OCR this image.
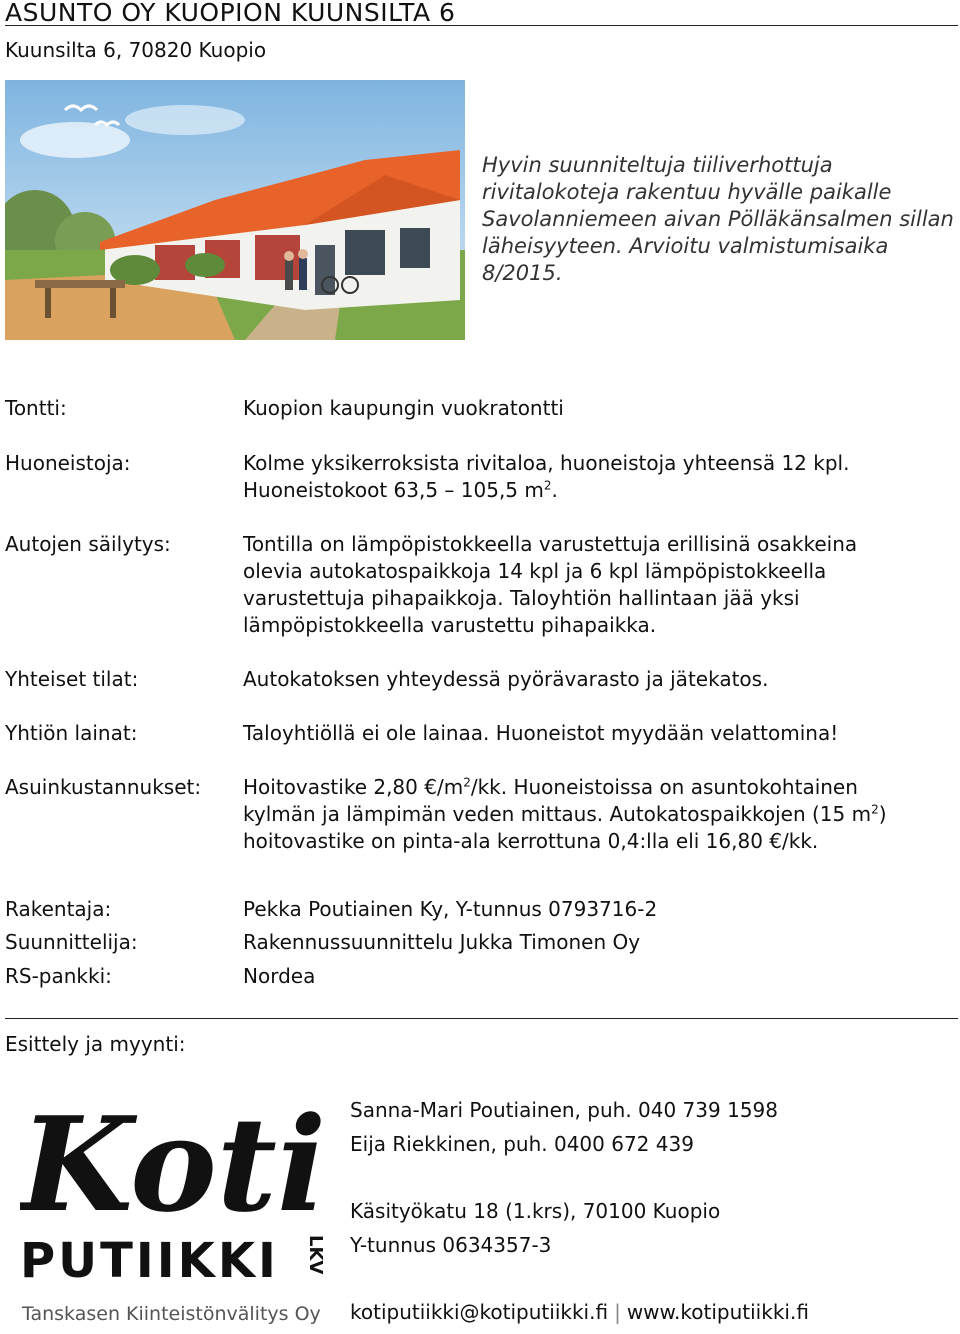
ASUNTO OY KUOPION KUUNSILTA 6
Kuunsilta 6, 70820 Kuopio
Hyvin suunniteltuja tiiliverhottuja
rivitalokoteja rakentuu hyvälle paikalle
Savolanniemeen aivan Pölläkänsalmen sillan
läheisyyteen. Arvioitu valmistumisaika
8/2015.
Tontti:	Kuopion kaupungin vuokratontti
Huoneistoja:	Kolme yksikerroksista rivitaloa, huoneistoja yhteensä 12 kpl.
Huoneistokoot 63,5 – 105,5 $m^2$.
Autojen säilytys:	Tontilla on lämpöpistokkeella varustettuja erillisinä osakkeina
olevia autokatospaikkoja 14 kpl ja 6 kpl lämpöpistokkeella
varustettuja pihapaikkoja. Taloyhtiön hallintaan jää yksi
lämpöpistokkeella varustettu pihapaikka.
Yhteiset tilat:	Autokatoksen yhteydessä pyörävarasto ja jätekatos.
Yhtiön lainat:	Taloyhtiöllä ei ole lainaa. Huoneistot myydään velattomina!
Asuinkustannukset: Hoitovastike 2,80 $€/m^2/kk$. Huoneistoissa on asuntokohtainen
kylmän ja lämpimän veden mittaus. Autokatospaikkojen (15 $m^2$)
hoitovastike on pinta-ala kerrottuna 0,4:lla eli 16,80 €/kk.
Rakentaja:	Pekka Poutiainen Ky, Y-tunnus 0793716-2
Suunnittelija:	Rakennussuunnittelu Jukka Timonen Oy
RS-pankki:	Nordea
Esittely ja myynti:
Koti
PUTIIKKI LKV
Tanskasen Kiinteistönvälitys Oy
Sanna-Mari Poutiainen, puh. 040 739 1598
Eija Riekkinen, puh. 0400 672 439
Käsityökatu 18 (1.krs), 70100 Kuopio
Y-tunnus 0634357-3
kotiputiikki@kotiputiikki.fi | www.kotiputiikki.fi
